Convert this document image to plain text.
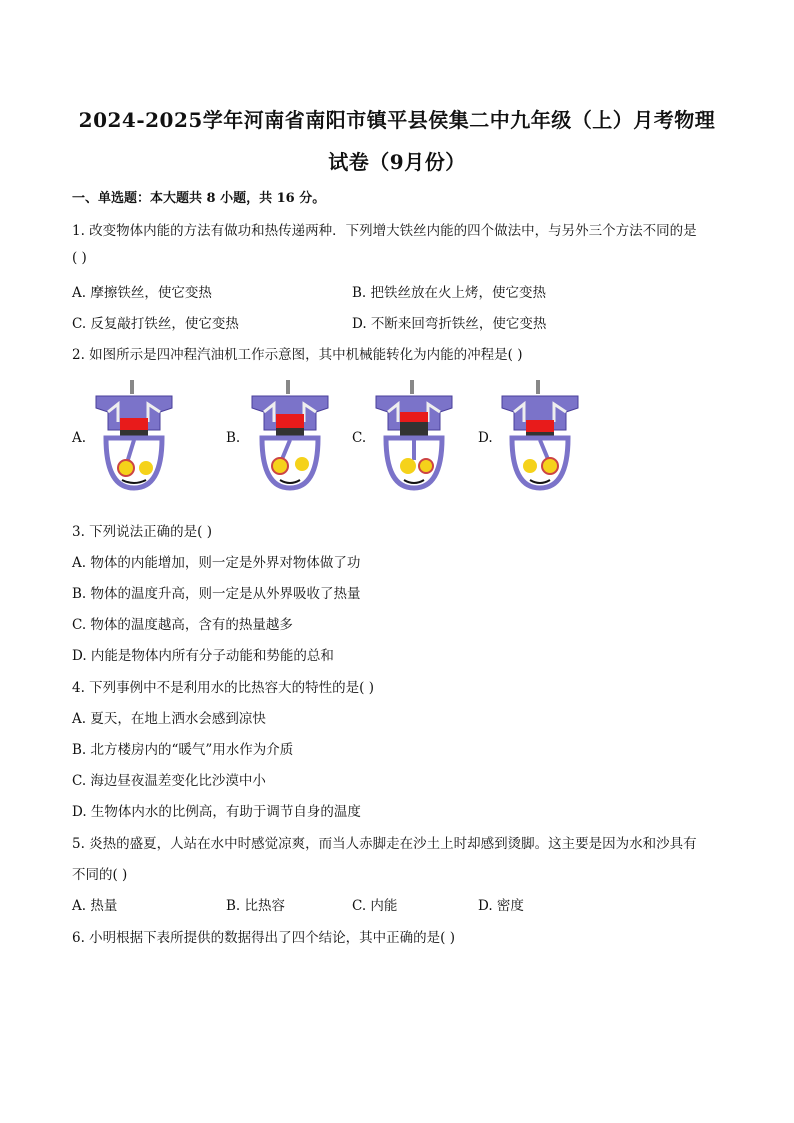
2024-2025学年河南省南阳市镇平县侯集二中九年级（上）月考物理
试卷（9月份）
一、单选题：本大题共 8 小题，共 16 分。
1. 改变物体内能的方法有做功和热传递两种．下列增大铁丝内能的四个做法中，与另外三个方法不同的是
( )
A. 摩擦铁丝，使它变热	B. 把铁丝放在火上烤，使它变热
C. 反复敲打铁丝，使它变热	D. 不断来回弯折铁丝，使它变热
2. 如图所示是四冲程汽油机工作示意图，其中机械能转化为内能的冲程是( )
A.	B.	C.	D.
3. 下列说法正确的是( )
A. 物体的内能增加，则一定是外界对物体做了功
B. 物体的温度升高，则一定是从外界吸收了热量
C. 物体的温度越高，含有的热量越多
D. 内能是物体内所有分子动能和势能的总和
4. 下列事例中不是利用水的比热容大的特性的是( )
A. 夏天，在地上洒水会感到凉快
B. 北方楼房内的“暖气”用水作为介质
C. 海边昼夜温差变化比沙漠中小
D. 生物体内水的比例高，有助于调节自身的温度
5. 炎热的盛夏，人站在水中时感觉凉爽，而当人赤脚走在沙土上时却感到烫脚。这主要是因为水和沙具有
不同的( )
A. 热量	B. 比热容	C. 内能	D. 密度
6. 小明根据下表所提供的数据得出了四个结论，其中正确的是( )
